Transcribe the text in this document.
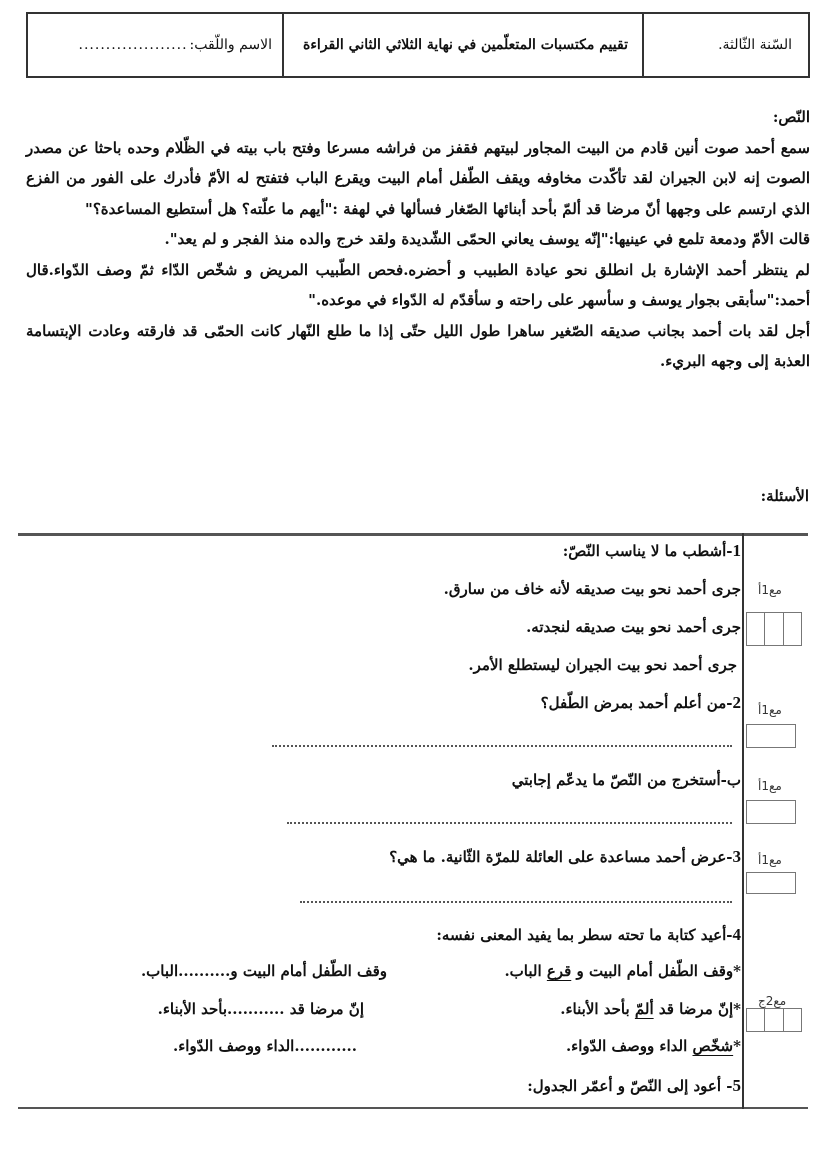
السّنة الثّالثة.
تقييم مكتسبات المتعلّمين في نهاية الثلاثي الثاني القراءة
الاسم واللّقب:
....................
النّص:
سمع أحمد صوت أنين قادم من البيت المجاور لبيتهم فقفز من فراشه مسرعا وفتح باب بيته في الظّلام وحده باحثا عن مصدر الصوت إنه لابن الجيران لقد تأكّدت مخاوفه ويقف الطّفل أمام البيت ويقرع الباب فتفتح له الأمّ فأدرك على الفور من الفزع الذي ارتسم على وجهها أنّ مرضا قد ألمّ بأحد أبنائها الصّغار فسألها في لهفة :"أيهم ما علّته؟ هل أستطيع المساعدة؟"
قالت الأمّ ودمعة تلمع في عينيها:"إنّه يوسف يعاني الحمّى الشّديدة ولقد خرج والده منذ الفجر و لم يعد".
لم ينتظر أحمد الإشارة بل انطلق نحو عيادة الطبيب و أحضره.فحص الطّبيب المريض و شخّص الدّاء ثمّ وصف الدّواء.قال أحمد:"سأبقى بجوار يوسف و سأسهر على راحته و سأقدّم له الدّواء في موعده."
أجل لقد بات أحمد بجانب صديقه الصّغير ساهرا طول الليل حتّى إذا ما طلع النّهار كانت الحمّى قد فارقته وعادت الإبتسامة العذبة إلى وجهه البريء.
الأسئلة:
1-أشطب ما لا يناسب النّصّ:
جرى أحمد نحو بيت صديقه لأنه خاف من سارق.
جرى أحمد نحو بيت صديقه لنجدته.
جرى أحمد نحو بيت الجيران ليستطلع الأمر.
مع1أ
2-من أعلم أحمد بمرض الطّفل؟	مع1أ
ب-أستخرج من النّصّ ما يدعّم إجابتي مع1أ
3-عرض أحمد مساعدة على العائلة للمرّة الثّانية. ما هي؟	مع1أ
4-أعيد كتابة ما تحته سطر بما يفيد المعنى نفسه:
*وقف الطّفل أمام البيت و قرع الباب.
وقف الطّفل أمام البيت و..........الباب.
*إنّ مرضا قد ألمّ بأحد الأبناء.
إنّ مرضا قد ...........بأحد الأبناء.
*شخّص الداء ووصف الدّواء.
............الداء ووصف الدّواء.
مع2ج
5- أعود إلى النّصّ و أعمّر الجدول:
